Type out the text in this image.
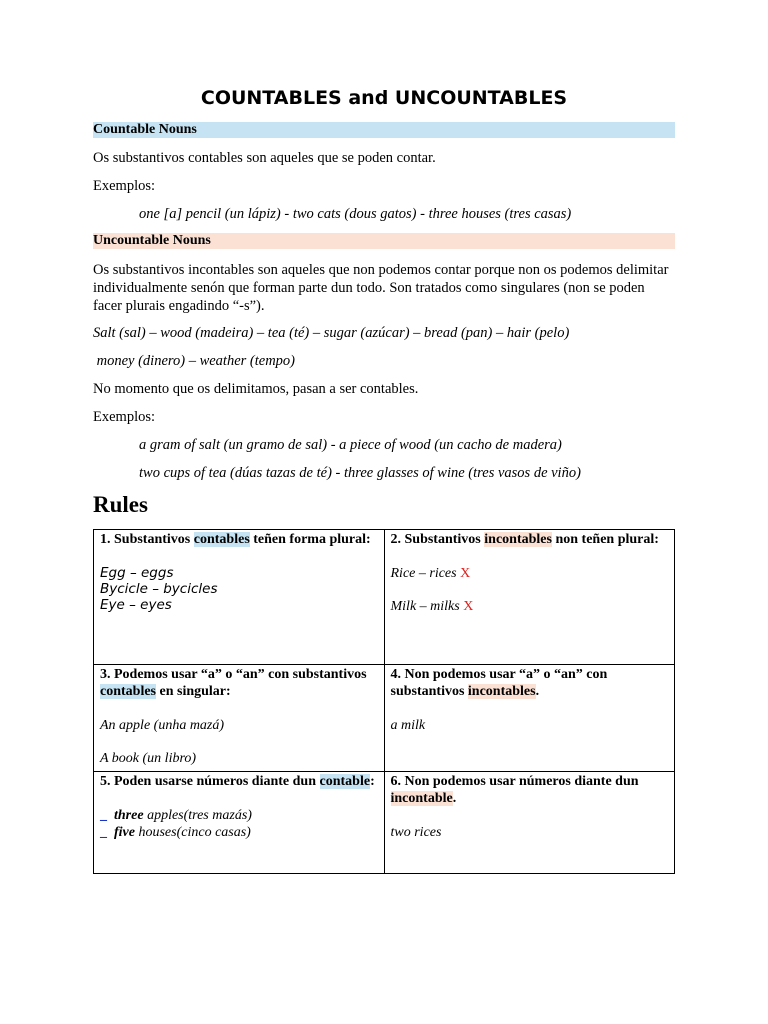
COUNTABLES and UNCOUNTABLES
Countable Nouns

Os substantivos contables son aqueles que se poden contar.

Exemplos:

one [a] pencil (un lápiz) - two cats (dous gatos) - three houses (tres casas)

Uncountable Nouns

Os substantivos incontables son aqueles que non podemos contar porque non os podemos delimitar individualmente senón que forman parte dun todo. Son tratados como singulares (non se poden facer plurais engadindo “-s”).

Salt (sal) – wood (madeira) – tea (té) – sugar (azúcar) – bread (pan) – hair (pelo)

money (dinero) – weather (tempo)

No momento que os delimitamos, pasan a ser contables.

Exemplos:

a gram of salt (un gramo de sal) - a piece of wood (un cacho de madera)

two cups of tea (dúas tazas de té) - three glasses of wine (tres vasos de viño)

Rules
1. Substantivos contables teñen forma plural:
Egg – eggs
Bycicle – bycicles
Eye – eyes	2. Substantivos incontables non teñen plural:
Rice – rices X
Milk – milks X

3. Podemos usar “a” o “an” con substantivos contables en singular:
An apple (unha mazá)
A book (un libro)	4. Non podemos usar “a” o “an” con substantivos incontables.
a milk

5. Poden usarse números diante dun contable:
_ three apples(tres mazás)
_ five houses(cinco casas)	6. Non podemos usar números diante dun incontable.
two rices
